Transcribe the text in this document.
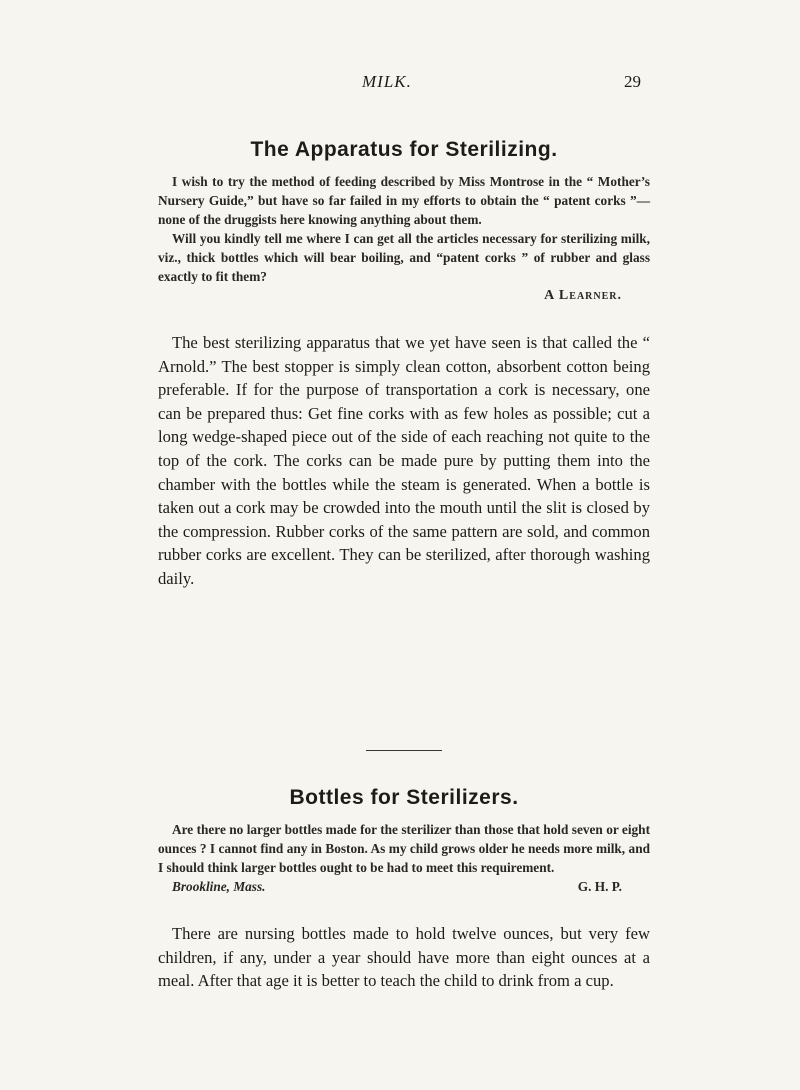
MILK.	29
The Apparatus for Sterilizing.

I wish to try the method of feeding described by Miss Montrose in the “ Mother’s Nursery Guide,” but have so far failed in my efforts to obtain the “ patent corks ”—none of the druggists here knowing anything about them.

Will you kindly tell me where I can get all the articles necessary for sterilizing milk, viz., thick bottles which will bear boiling, and “patent corks ” of rubber and glass exactly to fit them?

A Learner.

The best sterilizing apparatus that we yet have seen is that called the “ Arnold.” The best stopper is simply clean cotton, absorbent cotton being preferable. If for the purpose of transportation a cork is necessary, one can be prepared thus: Get fine corks with as few holes as possible; cut a long wedge-shaped piece out of the side of each reaching not quite to the top of the cork. The corks can be made pure by putting them into the chamber with the bottles while the steam is generated. When a bottle is taken out a cork may be crowded into the mouth until the slit is closed by the compression. Rubber corks of the same pattern are sold, and common rubber corks are excellent. They can be sterilized, after thorough washing daily.

Bottles for Sterilizers.

Are there no larger bottles made for the sterilizer than those that hold seven or eight ounces ? I cannot find any in Boston. As my child grows older he needs more milk, and I should think larger bottles ought to be had to meet this requirement.

Brookline, Mass.	G. H. P.

There are nursing bottles made to hold twelve ounces, but very few children, if any, under a year should have more than eight ounces at a meal. After that age it is better to teach the child to drink from a cup.
